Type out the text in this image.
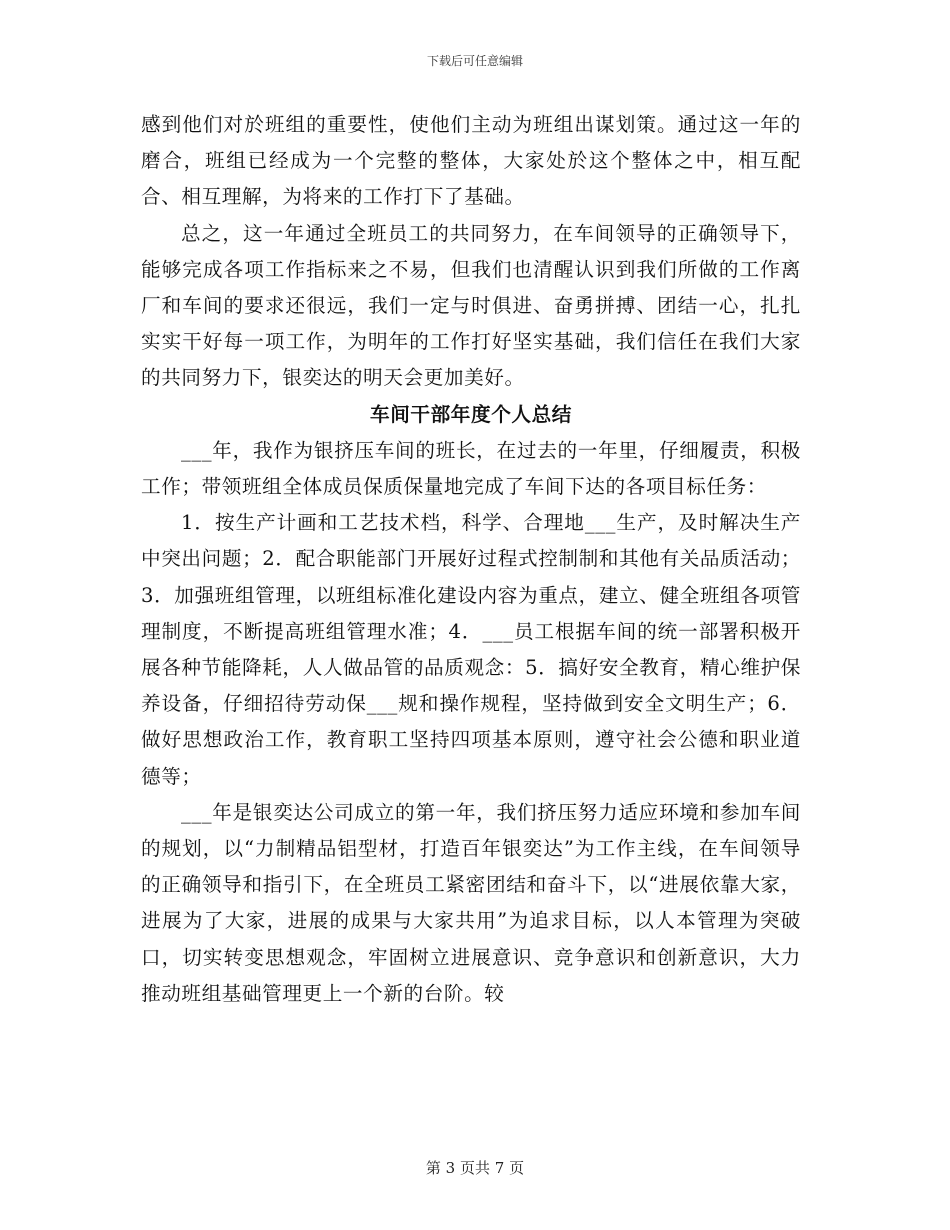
下载后可任意编辑

感到他们对於班组的重要性，使他们主动为班组出谋划策。通过这一年的磨合，班组已经成为一个完整的整体，大家处於这个整体之中，相互配合、相互理解，为将来的工作打下了基础。

总之，这一年通过全班员工的共同努力，在车间领导的正确领导下，能够完成各项工作指标来之不易，但我们也清醒认识到我们所做的工作离厂和车间的要求还很远，我们一定与时俱进、奋勇拼搏、团结一心，扎扎实实干好每一项工作，为明年的工作打好坚实基础，我们信任在我们大家的共同努力下，银奕达的明天会更加美好。

车间干部年度个人总结

___年，我作为银挤压车间的班长，在过去的一年里，仔细履责，积极工作；带领班组全体成员保质保量地完成了车间下达的各项目标任务：

1．按生产计画和工艺技术档，科学、合理地___生产，及时解决生产中突出问题；2．配合职能部门开展好过程式控制制和其他有关品质活动；3．加强班组管理，以班组标准化建设内容为重点，建立、健全班组各项管理制度，不断提高班组管理水准；4．___员工根据车间的统一部署积极开展各种节能降耗，人人做品管的品质观念：5．搞好安全教育，精心维护保养设备，仔细招待劳动保___规和操作规程，坚持做到安全文明生产；6．做好思想政治工作，教育职工坚持四项基本原则，遵守社会公德和职业道德等；

___年是银奕达公司成立的第一年，我们挤压努力适应环境和参加车间的规划，以“力制精品铝型材，打造百年银奕达”为工作主线，在车间领导的正确领导和指引下，在全班员工紧密团结和奋斗下，以“进展依靠大家，进展为了大家，进展的成果与大家共用”为追求目标，以人本管理为突破口，切实转变思想观念，牢固树立进展意识、竞争意识和创新意识，大力推动班组基础管理更上一个新的台阶。较

第 3 页共 7 页
